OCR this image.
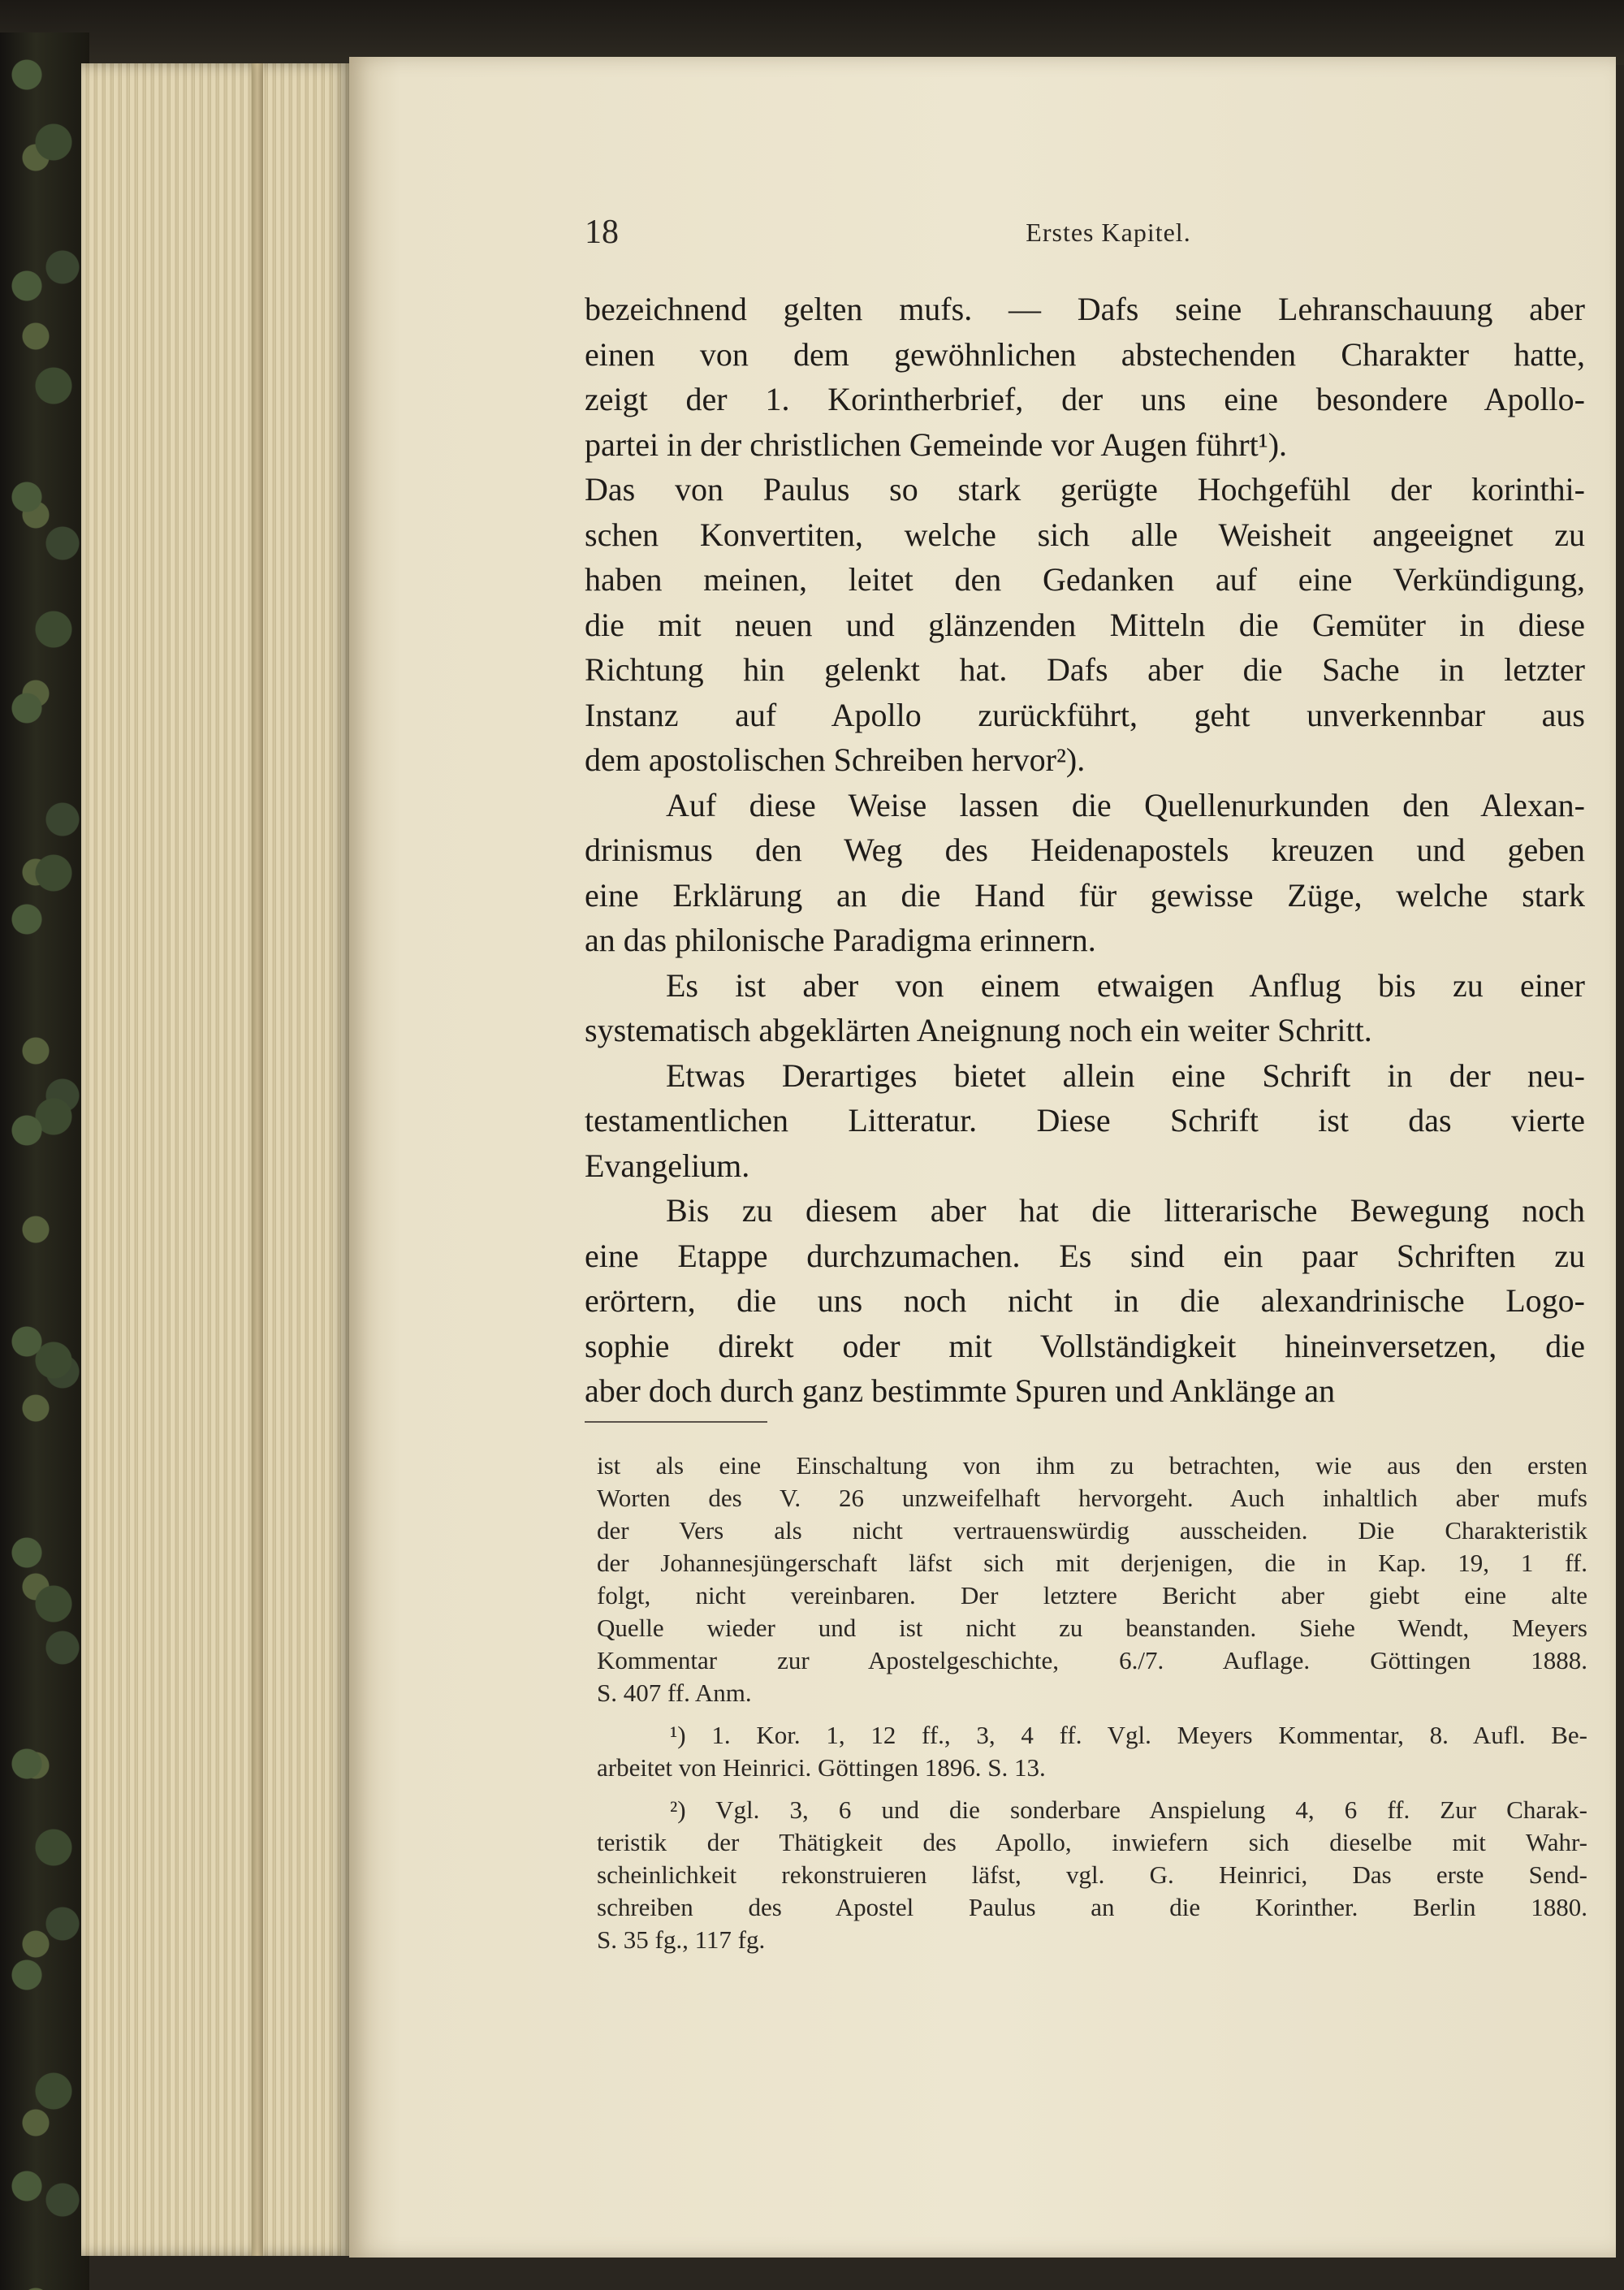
18	Erstes Kapitel.
bezeichnend gelten mufs. — Dafs seine Lehranschauung aber
einen von dem gewöhnlichen abstechenden Charakter hatte,
zeigt der 1. Korintherbrief, der uns eine besondere Apollo-
partei in der christlichen Gemeinde vor Augen führt¹).
Das von Paulus so stark gerügte Hochgefühl der korinthi-
schen Konvertiten, welche sich alle Weisheit angeeignet zu
haben meinen, leitet den Gedanken auf eine Verkündigung,
die mit neuen und glänzenden Mitteln die Gemüter in diese
Richtung hin gelenkt hat. Dafs aber die Sache in letzter
Instanz auf Apollo zurückführt, geht unverkennbar aus
dem apostolischen Schreiben hervor²).
Auf diese Weise lassen die Quellenurkunden den Alexan-
drinismus den Weg des Heidenapostels kreuzen und geben
eine Erklärung an die Hand für gewisse Züge, welche stark
an das philonische Paradigma erinnern.
Es ist aber von einem etwaigen Anflug bis zu einer
systematisch abgeklärten Aneignung noch ein weiter Schritt.
Etwas Derartiges bietet allein eine Schrift in der neu-
testamentlichen Litteratur. Diese Schrift ist das vierte
Evangelium.
Bis zu diesem aber hat die litterarische Bewegung noch
eine Etappe durchzumachen. Es sind ein paar Schriften zu
erörtern, die uns noch nicht in die alexandrinische Logo-
sophie direkt oder mit Vollständigkeit hineinversetzen, die
aber doch durch ganz bestimmte Spuren und Anklänge an
ist als eine Einschaltung von ihm zu betrachten, wie aus den ersten
Worten des V. 26 unzweifelhaft hervorgeht. Auch inhaltlich aber mufs
der Vers als nicht vertrauenswürdig ausscheiden. Die Charakteristik
der Johannesjüngerschaft läfst sich mit derjenigen, die in Kap. 19, 1 ff.
folgt, nicht vereinbaren. Der letztere Bericht aber giebt eine alte
Quelle wieder und ist nicht zu beanstanden. Siehe Wendt, Meyers
Kommentar zur Apostelgeschichte, 6./7. Auflage. Göttingen 1888.
S. 407 ff. Anm.
¹) 1. Kor. 1, 12 ff., 3, 4 ff. Vgl. Meyers Kommentar, 8. Aufl. Be-
arbeitet von Heinrici. Göttingen 1896. S. 13.
²) Vgl. 3, 6 und die sonderbare Anspielung 4, 6 ff. Zur Charak-
teristik der Thätigkeit des Apollo, inwiefern sich dieselbe mit Wahr-
scheinlichkeit rekonstruieren läfst, vgl. G. Heinrici, Das erste Send-
schreiben des Apostel Paulus an die Korinther. Berlin 1880.
S. 35 fg., 117 fg.
